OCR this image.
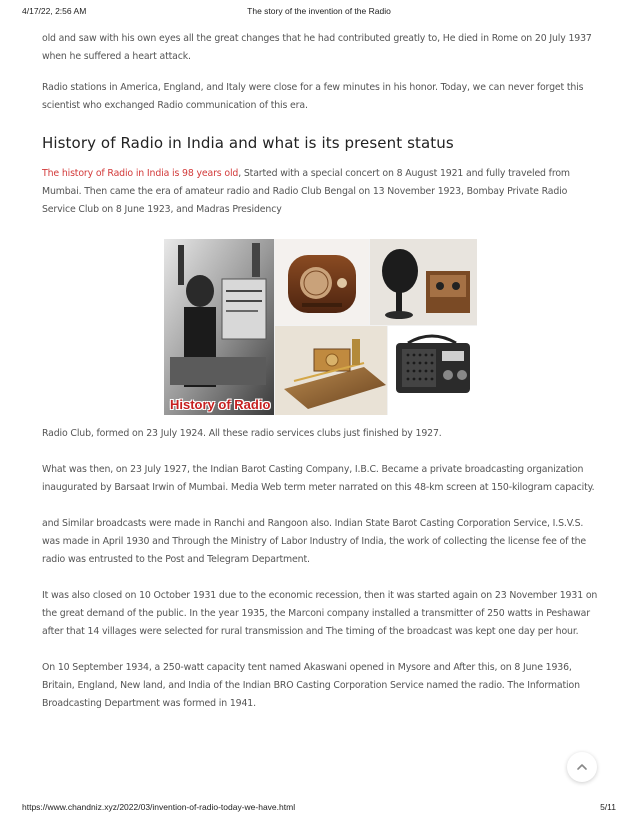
4/17/22, 2:56 AM	The story of the invention of the Radio

old and saw with his own eyes all the great changes that he had contributed greatly to, He died in Rome on 20 July 1937 when he suffered a heart attack.

Radio stations in America, England, and Italy were close for a few minutes in his honor. Today, we can never forget this scientist who exchanged Radio communication of this era.

History of Radio in India and what is its present status

The history of Radio in India is 98 years old, Started with a special concert on 8 August 1921 and fully traveled from Mumbai. Then came the era of amateur radio and Radio Club Bengal on 13 November 1923, Bombay Private Radio Service Club on 8 June 1923, and Madras Presidency

History of Radio

Radio Club, formed on 23 July 1924. All these radio services clubs just finished by 1927.

What was then, on 23 July 1927, the Indian Barot Casting Company, I.B.C. Became a private broadcasting organization inaugurated by Barsaat Irwin of Mumbai. Media Web term meter narrated on this 48-km screen at 150-kilogram capacity.

and Similar broadcasts were made in Ranchi and Rangoon also. Indian State Barot Casting Corporation Service, I.S.V.S. was made in April 1930 and Through the Ministry of Labor Industry of India, the work of collecting the license fee of the radio was entrusted to the Post and Telegram Department.

It was also closed on 10 October 1931 due to the economic recession, then it was started again on 23 November 1931 on the great demand of the public. In the year 1935, the Marconi company installed a transmitter of 250 watts in Peshawar after that 14 villages were selected for rural transmission and The timing of the broadcast was kept one day per hour.

On 10 September 1934, a 250-watt capacity tent named Akaswani opened in Mysore and After this, on 8 June 1936, Britain, England, New land, and India of the Indian BRO Casting Corporation Service named the radio. The Information Broadcasting Department was formed in 1941.

https://www.chandniz.xyz/2022/03/invention-of-radio-today-we-have.html	5/11
